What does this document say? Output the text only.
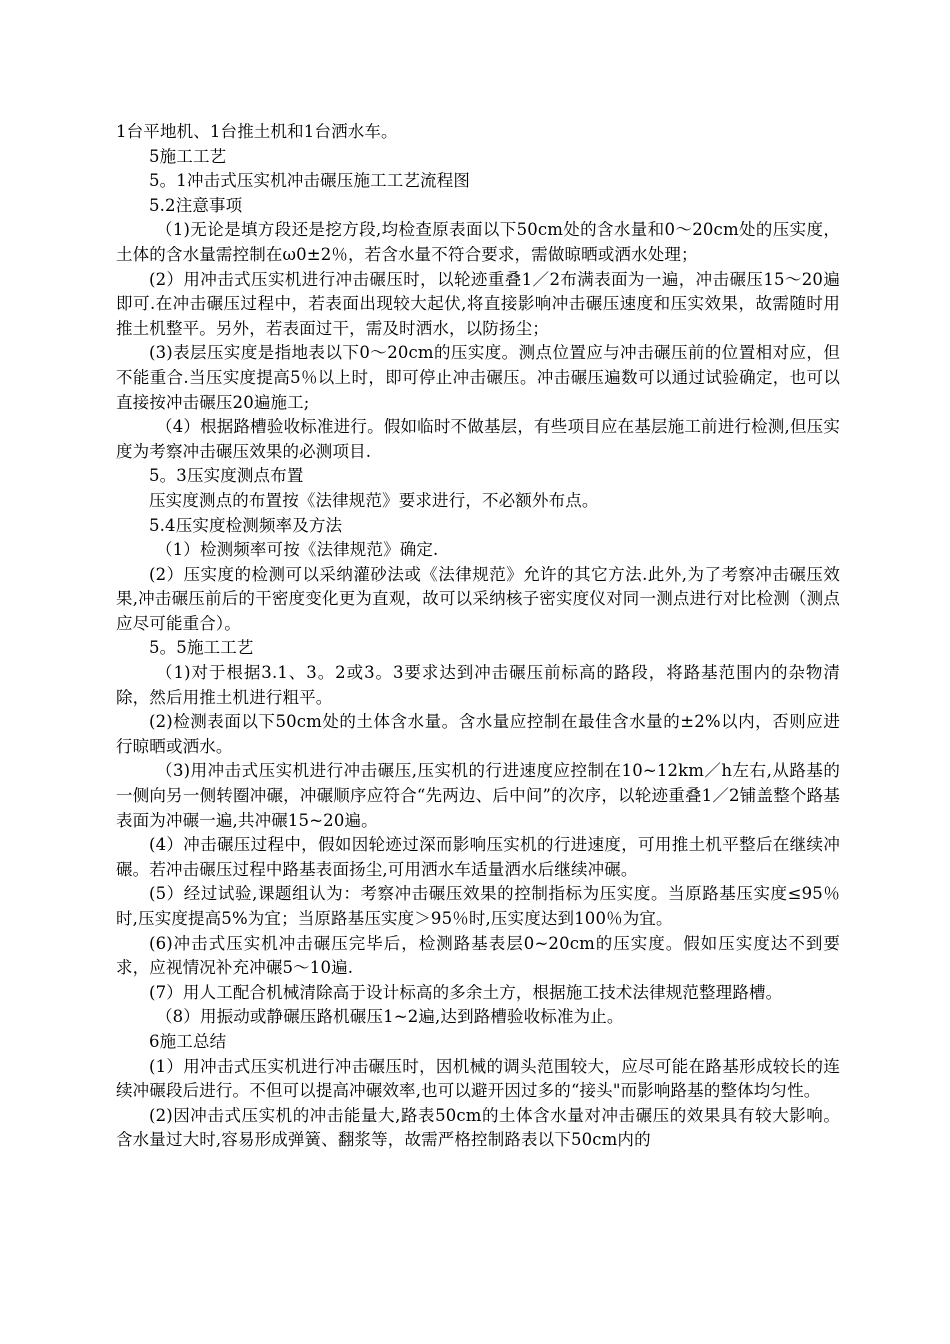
1台平地机、1台推土机和1台洒水车。

5施工工艺

5。1冲击式压实机冲击碾压施工工艺流程图

5.2注意事项

（1)无论是填方段还是挖方段,均检查原表面以下50cm处的含水量和0～20cm处的压实度，土体的含水量需控制在ω0±2％，若含水量不符合要求，需做晾晒或洒水处理；

(2）用冲击式压实机进行冲击碾压时，以轮迹重叠1／2布满表面为一遍，冲击碾压15～20遍即可.在冲击碾压过程中，若表面出现较大起伏,将直接影响冲击碾压速度和压实效果，故需随时用推土机整平。另外，若表面过干，需及时洒水，以防扬尘；

(3)表层压实度是指地表以下0～20cm的压实度。测点位置应与冲击碾压前的位置相对应，但不能重合.当压实度提高5％以上时，即可停止冲击碾压。冲击碾压遍数可以通过试验确定，也可以直接按冲击碾压20遍施工;

（4）根据路槽验收标准进行。假如临时不做基层，有些项目应在基层施工前进行检测,但压实度为考察冲击碾压效果的必测项目.

5。3压实度测点布置

压实度测点的布置按《法律规范》要求进行，不必额外布点。

5.4压实度检测频率及方法

（1）检测频率可按《法律规范》确定.

(2）压实度的检测可以采纳灌砂法或《法律规范》允许的其它方法.此外,为了考察冲击碾压效果,冲击碾压前后的干密度变化更为直观，故可以采纳核子密实度仪对同一测点进行对比检测（测点应尽可能重合）。

5。5施工工艺

（1)对于根据3.1、3。2或3。3要求达到冲击碾压前标高的路段，将路基范围内的杂物清除，然后用推土机进行粗平。

(2)检测表面以下50cm处的土体含水量。含水量应控制在最佳含水量的±2%以内，否则应进行晾晒或洒水。

（3)用冲击式压实机进行冲击碾压,压实机的行进速度应控制在10~12km／h左右,从路基的一侧向另一侧转圈冲碾，冲碾顺序应符合“先两边、后中间”的次序，以轮迹重叠1／2铺盖整个路基表面为冲碾一遍,共冲碾15~20遍。

(4）冲击碾压过程中，假如因轮迹过深而影响压实机的行进速度，可用推土机平整后在继续冲碾。若冲击碾压过程中路基表面扬尘,可用洒水车适量洒水后继续冲碾。

(5）经过试验,课题组认为：考察冲击碾压效果的控制指标为压实度。当原路基压实度≤95％时,压实度提高5%为宜；当原路基压实度＞95％时,压实度达到100％为宜。

(6)冲击式压实机冲击碾压完毕后，检测路基表层0~20cm的压实度。假如压实度达不到要求，应视情况补充冲碾5～10遍.

(7）用人工配合机械清除高于设计标高的多余土方，根据施工技术法律规范整理路槽。

（8）用振动或静碾压路机碾压1~2遍,达到路槽验收标准为止。

6施工总结

(1）用冲击式压实机进行冲击碾压时，因机械的调头范围较大，应尽可能在路基形成较长的连续冲碾段后进行。不但可以提高冲碾效率,也可以避开因过多的“接头"而影响路基的整体均匀性。

(2)因冲击式压实机的冲击能量大,路表50cm的土体含水量对冲击碾压的效果具有较大影响。含水量过大时,容易形成弹簧、翻浆等，故需严格控制路表以下50cm内的
